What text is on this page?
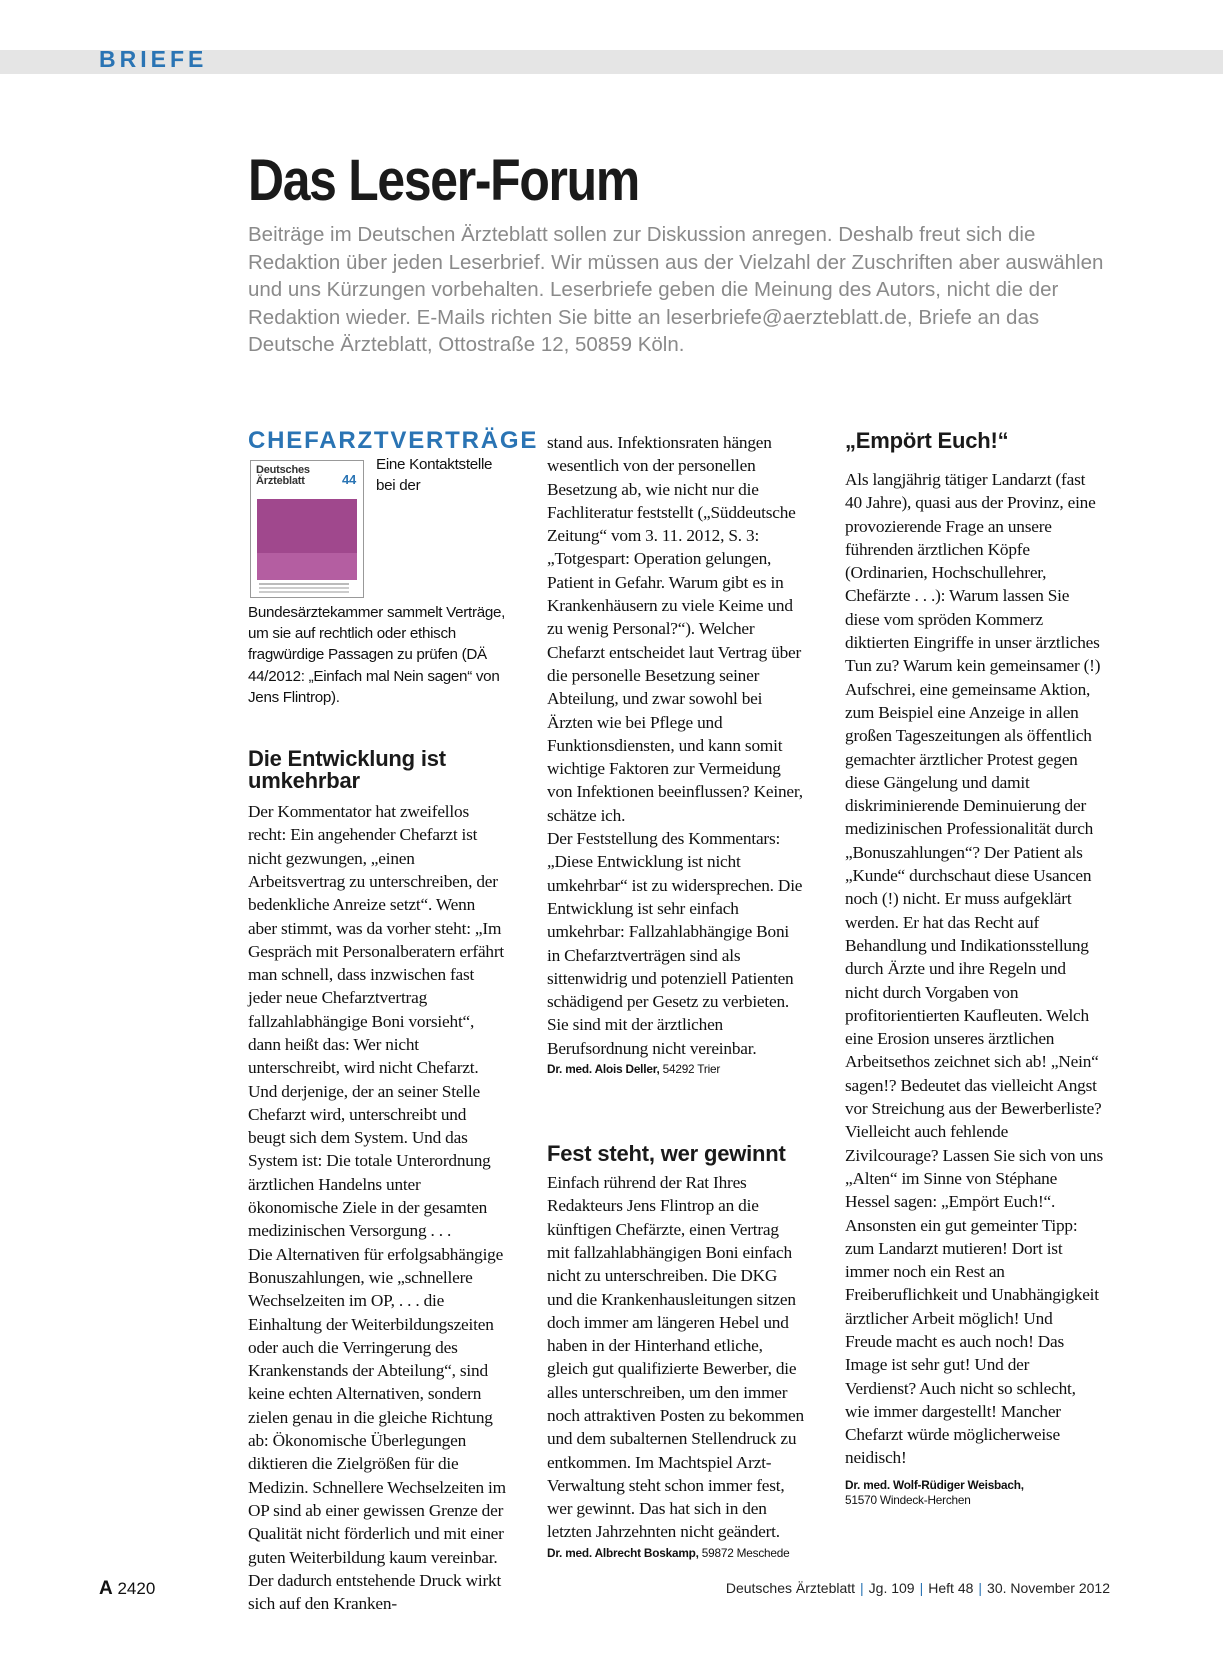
BRIEFE
Das Leser-Forum

Beiträge im Deutschen Ärzteblatt sollen zur Diskussion anregen. Deshalb freut sich die Redaktion über jeden Leserbrief. Wir müssen aus der Vielzahl der Zuschriften aber auswählen und uns Kürzungen vorbehalten. Leserbriefe geben die Meinung des Autors, nicht die der Redaktion wieder. E-Mails richten Sie bitte an leserbriefe@aerzteblatt.de, Briefe an das Deutsche Ärzteblatt, Ottostraße 12, 50859 Köln.

CHEFARZTVERTRÄGE
Deutsches Ärzteblatt	44

Eine Kontaktstelle bei der Bundesärztekammer sammelt Verträge, um sie auf rechtlich oder ethisch fragwürdige Passagen zu prüfen (DÄ 44/2012: „Einfach mal Nein sagen“ von Jens Flintrop).

Die Entwicklung ist umkehrbar

Der Kommentator hat zweifellos recht: Ein angehender Chefarzt ist nicht gezwungen, „einen Arbeitsvertrag zu unterschreiben, der bedenkliche Anreize setzt“. Wenn aber stimmt, was da vorher steht: „Im Gespräch mit Personalberatern erfährt man schnell, dass inzwischen fast jeder neue Chefarztvertrag fallzahlabhängige Boni vorsieht“, dann heißt das: Wer nicht unterschreibt, wird nicht Chefarzt. Und derjenige, der an seiner Stelle Chefarzt wird, unterschreibt und beugt sich dem System. Und das System ist: Die totale Unterordnung ärztlichen Handelns unter ökonomische Ziele in der gesamten medizinischen Versorgung . . .

Die Alternativen für erfolgsabhängige Bonuszahlungen, wie „schnellere Wechselzeiten im OP, . . . die Einhaltung der Weiterbildungszeiten oder auch die Verringerung des Krankenstands der Abteilung“, sind keine echten Alternativen, sondern zielen genau in die gleiche Richtung ab: Ökonomische Überlegungen diktieren die Zielgrößen für die Medizin. Schnellere Wechselzeiten im OP sind ab einer gewissen Grenze der Qualität nicht förderlich und mit einer guten Weiterbildung kaum vereinbar. Der dadurch entstehende Druck wirkt sich auf den Kranken-

stand aus. Infektionsraten hängen wesentlich von der personellen Besetzung ab, wie nicht nur die Fachliteratur feststellt („Süddeutsche Zeitung“ vom 3. 11. 2012, S. 3: „Totgespart: Operation gelungen, Patient in Gefahr. Warum gibt es in Krankenhäusern zu viele Keime und zu wenig Personal?“). Welcher Chefarzt entscheidet laut Vertrag über die personelle Besetzung seiner Abteilung, und zwar sowohl bei Ärzten wie bei Pflege und Funktionsdiensten, und kann somit wichtige Faktoren zur Vermeidung von Infektionen beeinflussen? Keiner, schätze ich.

Der Feststellung des Kommentars: „Diese Entwicklung ist nicht umkehrbar“ ist zu widersprechen. Die Entwicklung ist sehr einfach umkehrbar: Fallzahlabhängige Boni in Chefarztverträgen sind als sittenwidrig und potenziell Patienten schädigend per Gesetz zu verbieten. Sie sind mit der ärztlichen Berufsordnung nicht vereinbar.

Dr. med. Alois Deller, 54292 Trier

Fest steht, wer gewinnt

Einfach rührend der Rat Ihres Redakteurs Jens Flintrop an die künftigen Chefärzte, einen Vertrag mit fallzahlabhängigen Boni einfach nicht zu unterschreiben. Die DKG und die Krankenhausleitungen sitzen doch immer am längeren Hebel und haben in der Hinterhand etliche, gleich gut qualifizierte Bewerber, die alles unterschreiben, um den immer noch attraktiven Posten zu bekommen und dem subalternen Stellendruck zu entkommen. Im Machtspiel Arzt-Verwaltung steht schon immer fest, wer gewinnt. Das hat sich in den letzten Jahrzehnten nicht geändert.

Dr. med. Albrecht Boskamp, 59872 Meschede

„Empört Euch!“

Als langjährig tätiger Landarzt (fast 40 Jahre), quasi aus der Provinz, eine provozierende Frage an unsere führenden ärztlichen Köpfe (Ordinarien, Hochschullehrer, Chefärzte . . .): Warum lassen Sie diese vom spröden Kommerz diktierten Eingriffe in unser ärztliches Tun zu? Warum kein gemeinsamer (!) Aufschrei, eine gemeinsame Aktion, zum Beispiel eine Anzeige in allen großen Tageszeitungen als öffentlich gemachter ärztlicher Protest gegen diese Gängelung und damit diskriminierende Deminuierung der medizinischen Professionalität durch „Bonuszahlungen“? Der Patient als „Kunde“ durchschaut diese Usancen noch (!) nicht. Er muss aufgeklärt werden. Er hat das Recht auf Behandlung und Indikationsstellung durch Ärzte und ihre Regeln und nicht durch Vorgaben von profitorientierten Kaufleuten. Welch eine Erosion unseres ärztlichen Arbeitsethos zeichnet sich ab! „Nein“ sagen!? Bedeutet das vielleicht Angst vor Streichung aus der Bewerberliste? Vielleicht auch fehlende Zivilcourage? Lassen Sie sich von uns „Alten“ im Sinne von Stéphane Hessel sagen: „Empört Euch!“. Ansonsten ein gut gemeinter Tipp: zum Landarzt mutieren! Dort ist immer noch ein Rest an Freiberuflichkeit und Unabhängigkeit ärztlicher Arbeit möglich! Und Freude macht es auch noch! Das Image ist sehr gut! Und der Verdienst? Auch nicht so schlecht, wie immer dargestellt! Mancher Chefarzt würde möglicherweise neidisch!

Dr. med. Wolf-Rüdiger Weisbach,
51570 Windeck-Herchen

A 2420	Deutsches Ärzteblatt | Jg. 109 | Heft 48 | 30. November 2012
